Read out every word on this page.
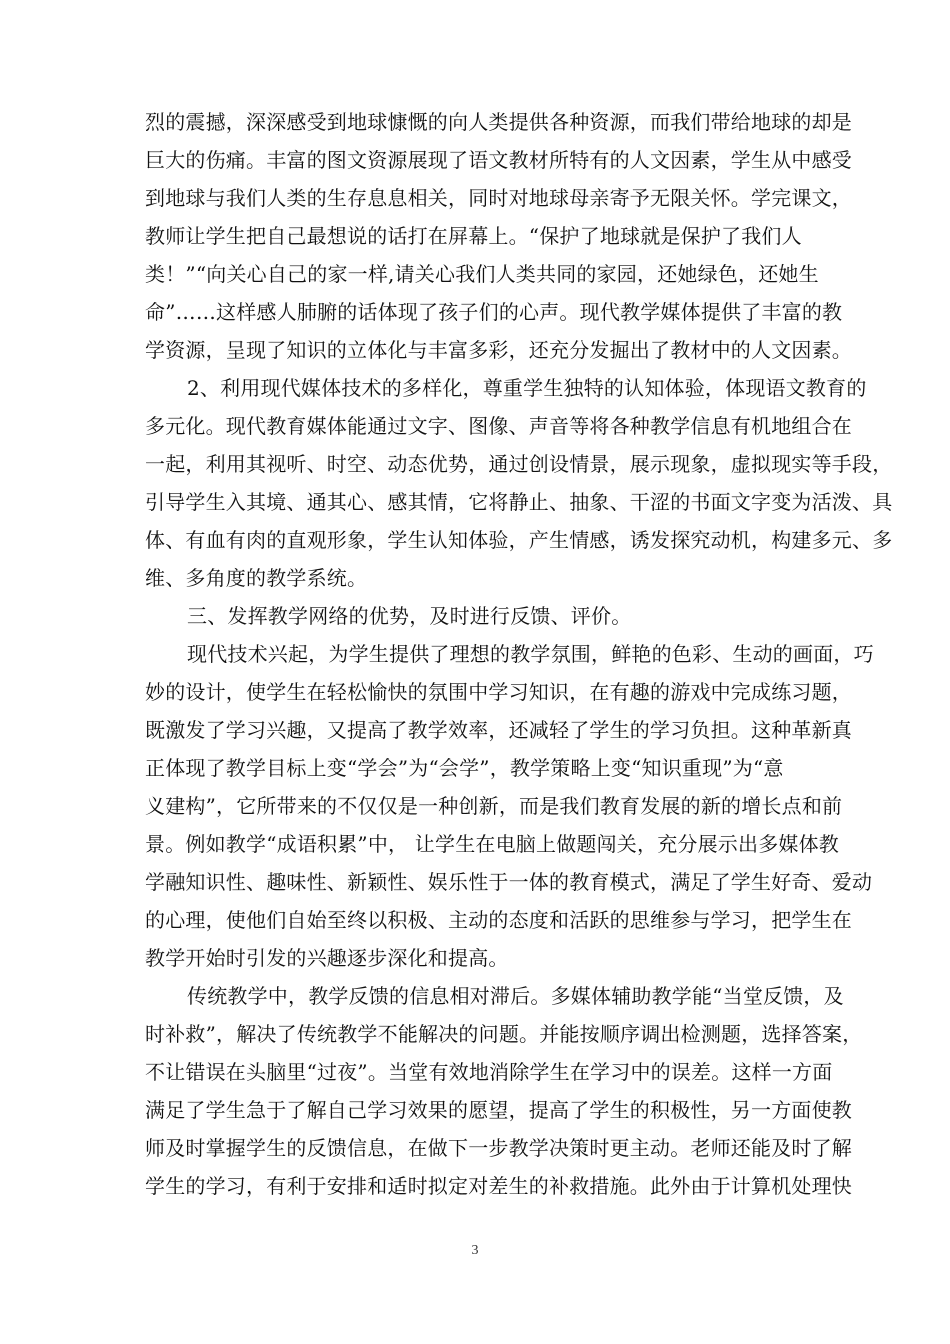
烈的震撼，深深感受到地球慷慨的向人类提供各种资源，而我们带给地球的却是
巨大的伤痛。丰富的图文资源展现了语文教材所特有的人文因素，学生从中感受
到地球与我们人类的生存息息相关，同时对地球母亲寄予无限关怀。学完课文，
教师让学生把自己最想说的话打在屏幕上。“保护了地球就是保护了我们人
类！”“向关心自己的家一样,请关心我们人类共同的家园，还她绿色，还她生
命”……这样感人肺腑的话体现了孩子们的心声。现代教学媒体提供了丰富的教
学资源，呈现了知识的立体化与丰富多彩，还充分发掘出了教材中的人文因素。
2、利用现代媒体技术的多样化，尊重学生独特的认知体验，体现语文教育的
多元化。现代教育媒体能通过文字、图像、声音等将各种教学信息有机地组合在
一起，利用其视听、时空、动态优势，通过创设情景，展示现象，虚拟现实等手段，
引导学生入其境、通其心、感其情，它将静止、抽象、干涩的书面文字变为活泼、具
体、有血有肉的直观形象，学生认知体验，产生情感，诱发探究动机，构建多元、多
维、多角度的教学系统。
三、发挥教学网络的优势，及时进行反馈、评价。
现代技术兴起，为学生提供了理想的教学氛围，鲜艳的色彩、生动的画面，巧
妙的设计，使学生在轻松愉快的氛围中学习知识，在有趣的游戏中完成练习题，
既激发了学习兴趣，又提高了教学效率，还减轻了学生的学习负担。这种革新真
正体现了教学目标上变“学会”为“会学”，教学策略上变“知识重现”为“意
义建构”，它所带来的不仅仅是一种创新，而是我们教育发展的新的增长点和前
景。例如教学“成语积累”中， 让学生在电脑上做题闯关，充分展示出多媒体教
学融知识性、趣味性、新颖性、娱乐性于一体的教育模式，满足了学生好奇、爱动
的心理，使他们自始至终以积极、主动的态度和活跃的思维参与学习，把学生在
教学开始时引发的兴趣逐步深化和提高。
传统教学中，教学反馈的信息相对滞后。多媒体辅助教学能“当堂反馈，及
时补救”，解决了传统教学不能解决的问题。并能按顺序调出检测题，选择答案，
不让错误在头脑里“过夜”。当堂有效地消除学生在学习中的误差。这样一方面
满足了学生急于了解自己学习效果的愿望，提高了学生的积极性，另一方面使教
师及时掌握学生的反馈信息，在做下一步教学决策时更主动。老师还能及时了解
学生的学习，有利于安排和适时拟定对差生的补救措施。此外由于计算机处理快
3
